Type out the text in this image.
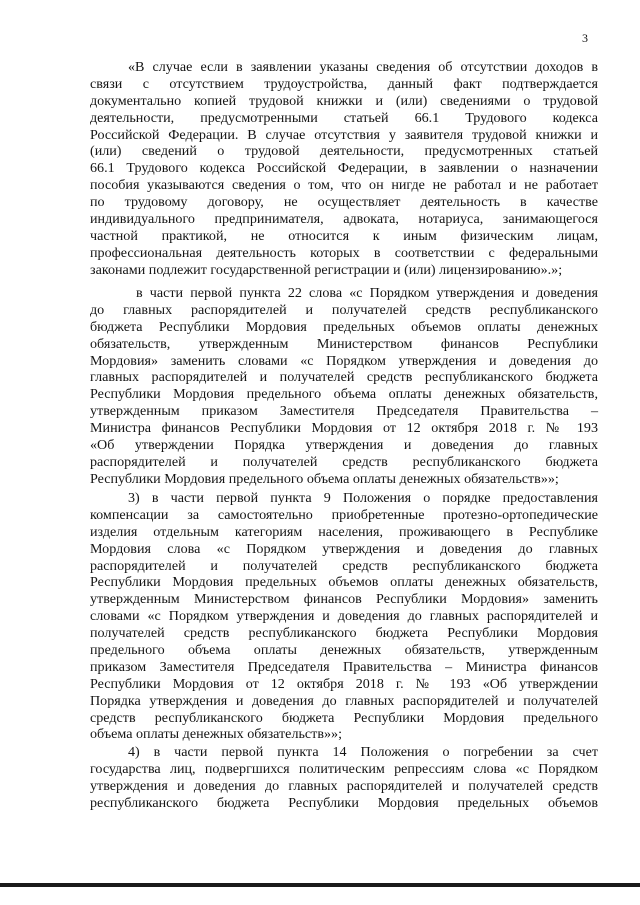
3
«В случае если в заявлении указаны сведения об отсутствии доходов в
связи с отсутствием трудоустройства, данный факт подтверждается
документально копией трудовой книжки и (или) сведениями о трудовой
деятельности, предусмотренными статьей 66.1 Трудового кодекса
Российской Федерации. В случае отсутствия у заявителя трудовой книжки и
(или) сведений о трудовой деятельности, предусмотренных статьей
66.1 Трудового кодекса Российской Федерации, в заявлении о назначении
пособия указываются сведения о том, что он нигде не работал и не работает
по трудовому договору, не осуществляет деятельность в качестве
индивидуального предпринимателя, адвоката, нотариуса, занимающегося
частной практикой, не относится к иным физическим лицам,
профессиональная деятельность которых в соответствии с федеральными
законами подлежит государственной регистрации и (или) лицензированию».»;
в части первой пункта 22 слова «с Порядком утверждения и доведения
до главных распорядителей и получателей средств республиканского
бюджета Республики Мордовия предельных объемов оплаты денежных
обязательств, утвержденным Министерством финансов Республики
Мордовия» заменить словами «с Порядком утверждения и доведения до
главных распорядителей и получателей средств республиканского бюджета
Республики Мордовия предельного объема оплаты денежных обязательств,
утвержденным приказом Заместителя Председателя Правительства –
Министра финансов Республики Мордовия от 12 октября 2018 г. № 193
«Об утверждении Порядка утверждения и доведения до главных
распорядителей и получателей средств республиканского бюджета
Республики Мордовия предельного объема оплаты денежных обязательств»»;
3) в части первой пункта 9 Положения о порядке предоставления
компенсации за самостоятельно приобретенные протезно-ортопедические
изделия отдельным категориям населения, проживающего в Республике
Мордовия слова «с Порядком утверждения и доведения до главных
распорядителей и получателей средств республиканского бюджета
Республики Мордовия предельных объемов оплаты денежных обязательств,
утвержденным Министерством финансов Республики Мордовия» заменить
словами «с Порядком утверждения и доведения до главных распорядителей и
получателей средств республиканского бюджета Республики Мордовия
предельного объема оплаты денежных обязательств, утвержденным
приказом Заместителя Председателя Правительства – Министра финансов
Республики Мордовия от 12 октября 2018 г. № 193 «Об утверждении
Порядка утверждения и доведения до главных распорядителей и получателей
средств республиканского бюджета Республики Мордовия предельного
объема оплаты денежных обязательств»»;
4) в части первой пункта 14 Положения о погребении за счет
государства лиц, подвергшихся политическим репрессиям слова «с Порядком
утверждения и доведения до главных распорядителей и получателей средств
республиканского бюджета Республики Мордовия предельных объемов
